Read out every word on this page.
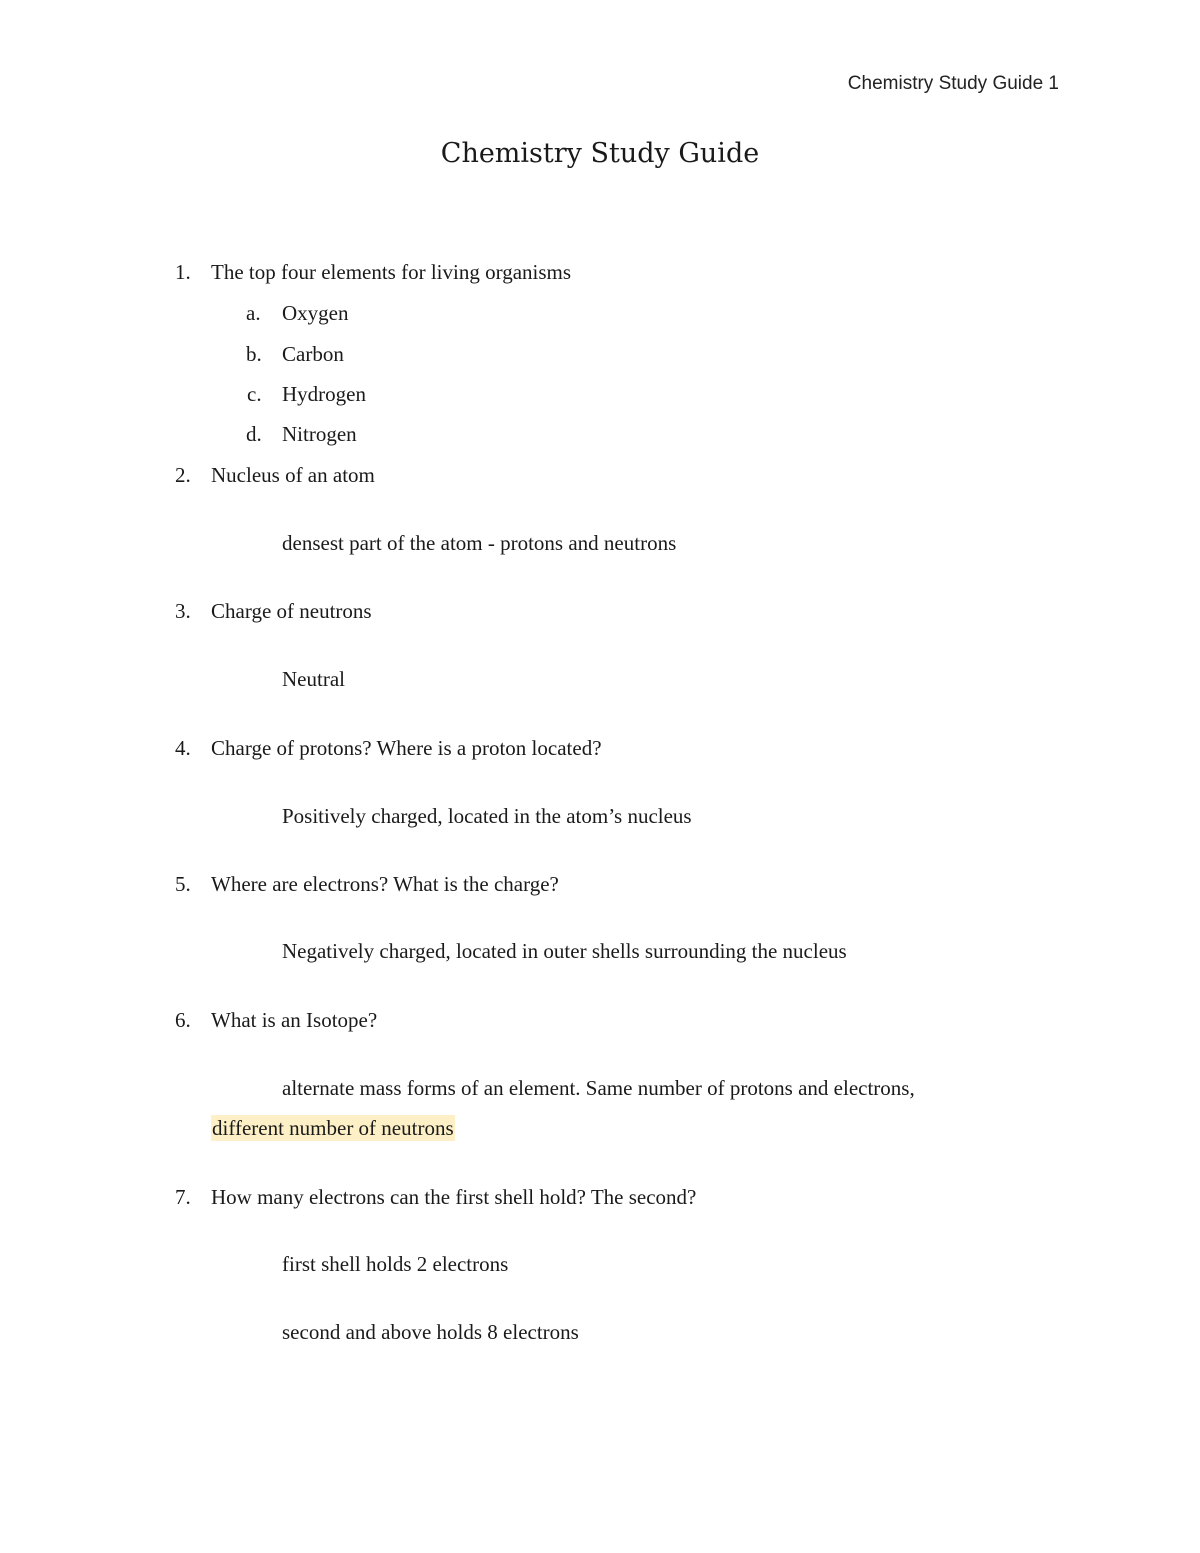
Chemistry Study Guide 1
Chemistry Study Guide
1. The top four elements for living organisms
a. Oxygen
b. Carbon
c. Hydrogen
d. Nitrogen
2. Nucleus of an atom
densest part of the atom - protons and neutrons
3. Charge of neutrons
Neutral
4. Charge of protons? Where is a proton located?
Positively charged, located in the atom’s nucleus
5. Where are electrons? What is the charge?
Negatively charged, located in outer shells surrounding the nucleus
6. What is an Isotope?
alternate mass forms of an element. Same number of protons and electrons,
different number of neutrons
7. How many electrons can the first shell hold? The second?
first shell holds 2 electrons
second and above holds 8 electrons
